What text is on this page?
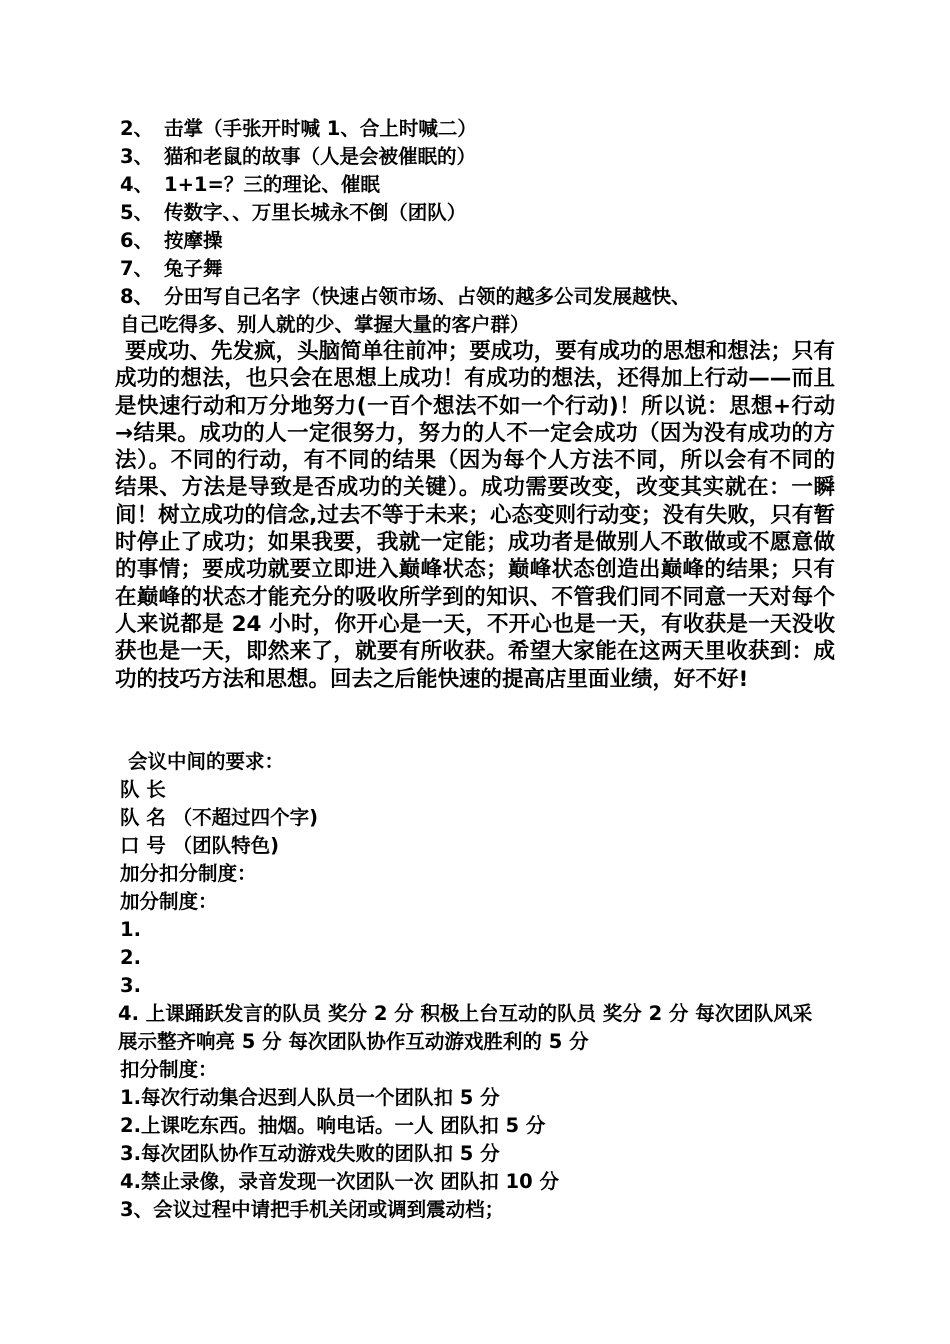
2、 击掌（手张开时喊 1、合上时喊二）
3、 猫和老鼠的故事（人是会被催眠的）
4、 1+1=？三的理论、催眠
5、 传数字、、万里长城永不倒（团队）
6、 按摩操
7、 兔子舞
8、 分田写自己名字（快速占领市场、占领的越多公司发展越快、
自己吃得多、别人就的少、掌握大量的客户群）
要成功、先发疯，头脑简单往前冲；要成功，要有成功的思想和想法；只有成功的想法，也只会在思想上成功！有成功的想法，还得加上行动——而且是快速行动和万分地努力(一百个想法不如一个行动)！所以说：思想+行动→结果。成功的人一定很努力，努力的人不一定会成功（因为没有成功的方法）。不同的行动，有不同的结果（因为每个人方法不同，所以会有不同的结果、方法是导致是否成功的关键）。成功需要改变，改变其实就在：一瞬间！树立成功的信念,过去不等于未来；心态变则行动变；没有失败，只有暂时停止了成功；如果我要，我就一定能；成功者是做别人不敢做或不愿意做的事情；要成功就要立即进入巅峰状态；巅峰状态创造出巅峰的结果；只有在巅峰的状态才能充分的吸收所学到的知识、不管我们同不同意一天对每个人来说都是 24 小时，你开心是一天，不开心也是一天，有收获是一天没收获也是一天，即然来了，就要有所收获。希望大家能在这两天里收获到：成功的技巧方法和思想。回去之后能快速的提高店里面业绩，好不好!
会议中间的要求：
队 长
队 名 （不超过四个字)
口 号 （团队特色)
加分扣分制度：
加分制度：
1.
2.
3.
4. 上课踊跃发言的队员 奖分 2 分 积极上台互动的队员 奖分 2 分 每次团队风采展示整齐响亮 5 分 每次团队协作互动游戏胜利的 5 分
扣分制度：
1.每次行动集合迟到人队员一个团队扣 5 分
2.上课吃东西。抽烟。响电话。一人 团队扣 5 分
3.每次团队协作互动游戏失败的团队扣 5 分
4.禁止录像，录音发现一次团队一次 团队扣 10 分
3、会议过程中请把手机关闭或调到震动档；
